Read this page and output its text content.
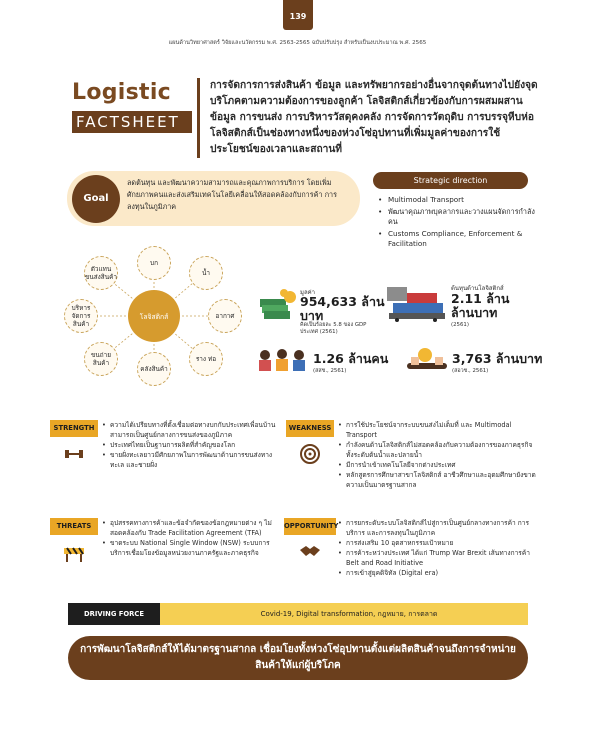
139
แผนด้านวิทยาศาสตร์ วิจัยและนวัตกรรม พ.ศ. 2563-2565 ฉบับปรับปรุง สำหรับเป็นงบประมาณ พ.ศ. 2565
Logistic
FACTSHEET
การจัดการการส่งสินค้า ข้อมูล และทรัพยากรอย่างอื่นจากจุดต้นทางไปยังจุดบริโภคตามความต้องการของลูกค้า โลจิสติกส์เกี่ยวข้องกับการผสมผสานข้อมูล การขนส่ง การบริหารวัสดุคงคลัง การจัดการวัตถุดิบ การบรรจุหีบห่อ โลจิสติกส์เป็นช่องทางหนึ่งของห่วงโซ่อุปทานที่เพิ่มมูลค่าของการใช้ประโยชน์ของเวลาและสถานที่
Goal
ลดต้นทุน และพัฒนาความสามารถและคุณภาพการบริการ โดยเพิ่มศักยภาพคนและส่งเสริมเทคโนโลยีเคลื่อนให้สอดคล้องกับการค้า การลงทุนในภูมิภาค
Strategic direction
• Multimodal Transport
• พัฒนาคุณภาพบุคลากรและวางแผนจัดการกำลังคน
• Customs Compliance, Enforcement & Facilitation
บก
น้ำ
อากาศ
ราง ท่อ
คลังสินค้า
ขนถ่ายสินค้า
บริหารจัดการสินค้า
ตัวแทนขนส่งสินค้า
โลจิสติกส์
มูลค่า
954,633 ล้านบาท
คิดเป็นร้อยละ 5.8 ของ GDP ประเทศ (2561)
ต้นทุนด้านโลจิสติกส์
2.11 ล้านล้านบาท
(2561)
1.26 ล้านคน
(สสช., 2561)
3,763 ล้านบาท
(สอวช., 2561)
STRENGTH	• ความได้เปรียบทางที่ตั้งเชื่อมต่อทางบกกับประเทศเพื่อนบ้านสามารถเป็นศูนย์กลางการขนส่งของภูมิภาค
• ประเทศไทยเป็นฐานการผลิตที่สำคัญของโลก
• ขายฝั่งทะเลยาวมีศักยภาพในการพัฒนาด้านการขนส่งทางทะเล และชายฝั่ง
WEAKNESS	• การใช้ประโยชน์จากระบบขนส่งไม่เต็มที่ และ Multimodal Transport
• กำลังคนด้านโลจิสติกส์ไม่สอดคล้องกับความต้องการของภาคธุรกิจทั้งระดับต้นน้ำและปลายน้ำ
• มีการนำเข้าเทคโนโลยีจากต่างประเทศ
• หลักสูตรการศึกษาสาขาโลจิสติกส์ อาชีวศึกษาและอุดมศึกษายังขาดความเป็นมาตรฐานสากล
THREATS	• อุปสรรคทางการค้าและข้อจำกัดของข้อกฎหมายต่าง ๆ ไม่สอดคล้องกับ Trade Facilitation Agreement (TFA)
• ขาดระบบ National Single Window (NSW) ระบบการบริการเชื่อมโยงข้อมูลหน่วยงานภาครัฐและภาคธุรกิจ
OPPORTUNITY	• การยกระดับระบบโลจิสติกส์ไปสู่การเป็นศูนย์กลางทางการค้า การบริการ และการลงทุนในภูมิภาค
• การส่งเสริม 10 อุตสาหกรรมเป้าหมาย
• การค้าระหว่างประเทศ ได้แก่ Trump War Brexit เส้นทางการค้า Belt and Road Initiative
• การเข้าสู่ยุคดิจิทัล (Digital era)
DRIVING FORCE	Covid-19, Digital transformation, กฎหมาย, การตลาด
การพัฒนาโลจิสติกส์ให้ได้มาตรฐานสากล เชื่อมโยงทั้งห่วงโซ่อุปทานตั้งแต่ผลิตสินค้าจนถึงการจำหน่ายสินค้าให้แก่ผู้บริโภค
